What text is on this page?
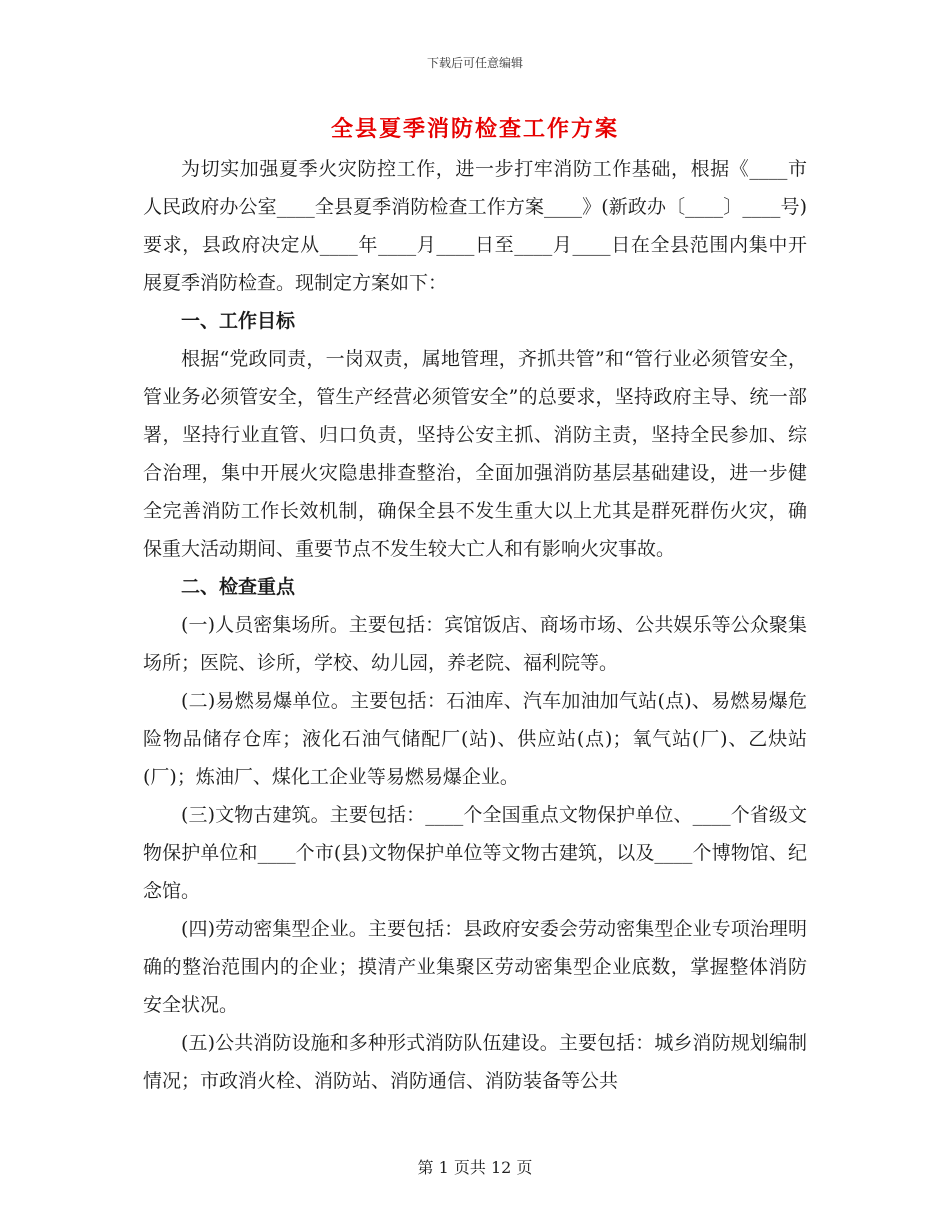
下载后可任意编辑
全县夏季消防检查工作方案

为切实加强夏季火灾防控工作，进一步打牢消防工作基础，根据《____市人民政府办公室____全县夏季消防检查工作方案____》(新政办〔____〕____号)要求，县政府决定从____年____月____日至____月____日在全县范围内集中开展夏季消防检查。现制定方案如下：

一、工作目标

根据“党政同责，一岗双责，属地管理，齐抓共管”和“管行业必须管安全，管业务必须管安全，管生产经营必须管安全”的总要求，坚持政府主导、统一部署，坚持行业直管、归口负责，坚持公安主抓、消防主责，坚持全民参加、综合治理，集中开展火灾隐患排查整治，全面加强消防基层基础建设，进一步健全完善消防工作长效机制，确保全县不发生重大以上尤其是群死群伤火灾，确保重大活动期间、重要节点不发生较大亡人和有影响火灾事故。

二、检查重点

(一)人员密集场所。主要包括：宾馆饭店、商场市场、公共娱乐等公众聚集场所；医院、诊所，学校、幼儿园，养老院、福利院等。

(二)易燃易爆单位。主要包括：石油库、汽车加油加气站(点)、易燃易爆危险物品储存仓库；液化石油气储配厂(站)、供应站(点)；氧气站(厂)、乙炔站(厂)；炼油厂、煤化工企业等易燃易爆企业。

(三)文物古建筑。主要包括：____个全国重点文物保护单位、____个省级文物保护单位和____个市(县)文物保护单位等文物古建筑，以及____个博物馆、纪念馆。

(四)劳动密集型企业。主要包括：县政府安委会劳动密集型企业专项治理明确的整治范围内的企业；摸清产业集聚区劳动密集型企业底数，掌握整体消防安全状况。

(五)公共消防设施和多种形式消防队伍建设。主要包括：城乡消防规划编制情况；市政消火栓、消防站、消防通信、消防装备等公共

第 1 页共 12 页
